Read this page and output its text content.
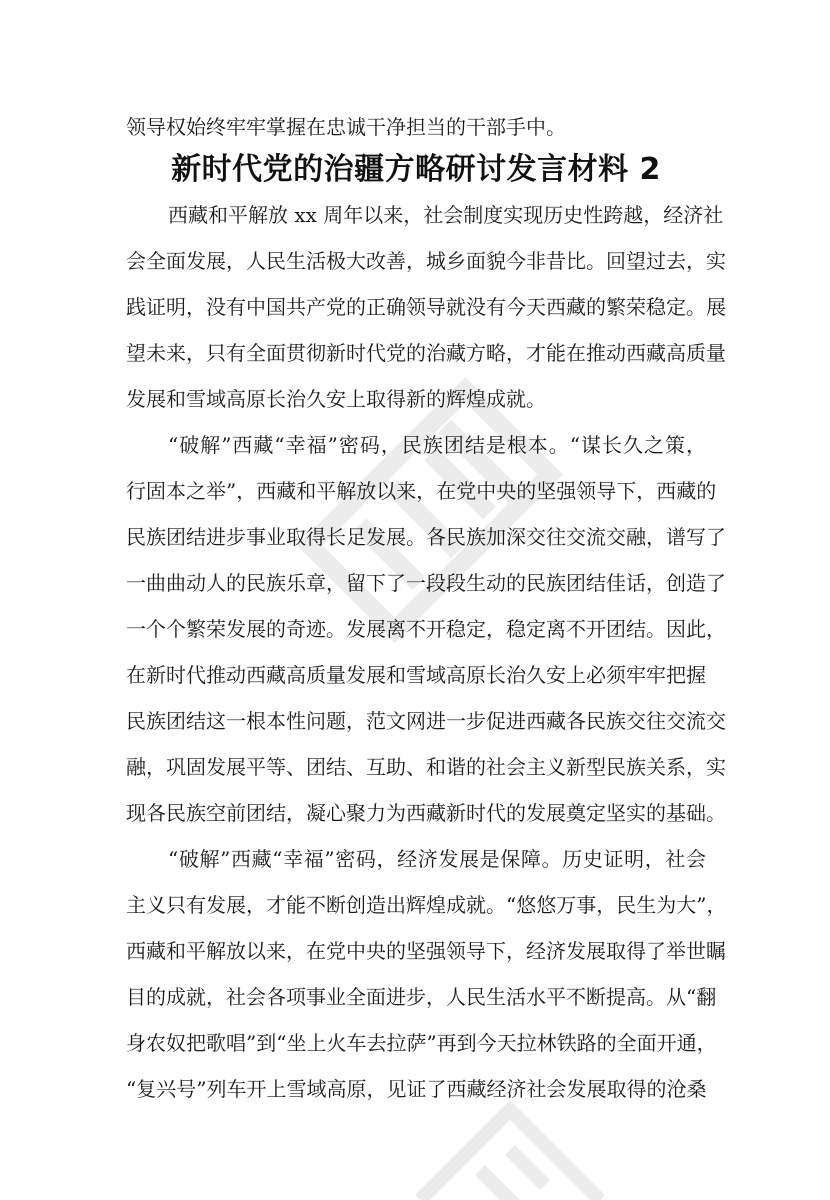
领导权始终牢牢掌握在忠诚干净担当的干部手中。
新时代党的治疆方略研讨发言材料 2
西藏和平解放 xx 周年以来，社会制度实现历史性跨越，经济社
会全面发展，人民生活极大改善，城乡面貌今非昔比。回望过去，实
践证明，没有中国共产党的正确领导就没有今天西藏的繁荣稳定。展
望未来，只有全面贯彻新时代党的治藏方略，才能在推动西藏高质量
发展和雪域高原长治久安上取得新的辉煌成就。
“破解”西藏“幸福”密码，民族团结是根本。“谋长久之策，
行固本之举”，西藏和平解放以来，在党中央的坚强领导下，西藏的
民族团结进步事业取得长足发展。各民族加深交往交流交融，谱写了
一曲曲动人的民族乐章，留下了一段段生动的民族团结佳话，创造了
一个个繁荣发展的奇迹。发展离不开稳定，稳定离不开团结。因此，
在新时代推动西藏高质量发展和雪域高原长治久安上必须牢牢把握
民族团结这一根本性问题，范文网进一步促进西藏各民族交往交流交
融，巩固发展平等、团结、互助、和谐的社会主义新型民族关系，实
现各民族空前团结，凝心聚力为西藏新时代的发展奠定坚实的基础。
“破解”西藏“幸福”密码，经济发展是保障。历史证明，社会
主义只有发展，才能不断创造出辉煌成就。“悠悠万事，民生为大”，
西藏和平解放以来，在党中央的坚强领导下，经济发展取得了举世瞩
目的成就，社会各项事业全面进步，人民生活水平不断提高。从“翻
身农奴把歌唱”到“坐上火车去拉萨”再到今天拉林铁路的全面开通，
“复兴号”列车开上雪域高原，见证了西藏经济社会发展取得的沧桑
